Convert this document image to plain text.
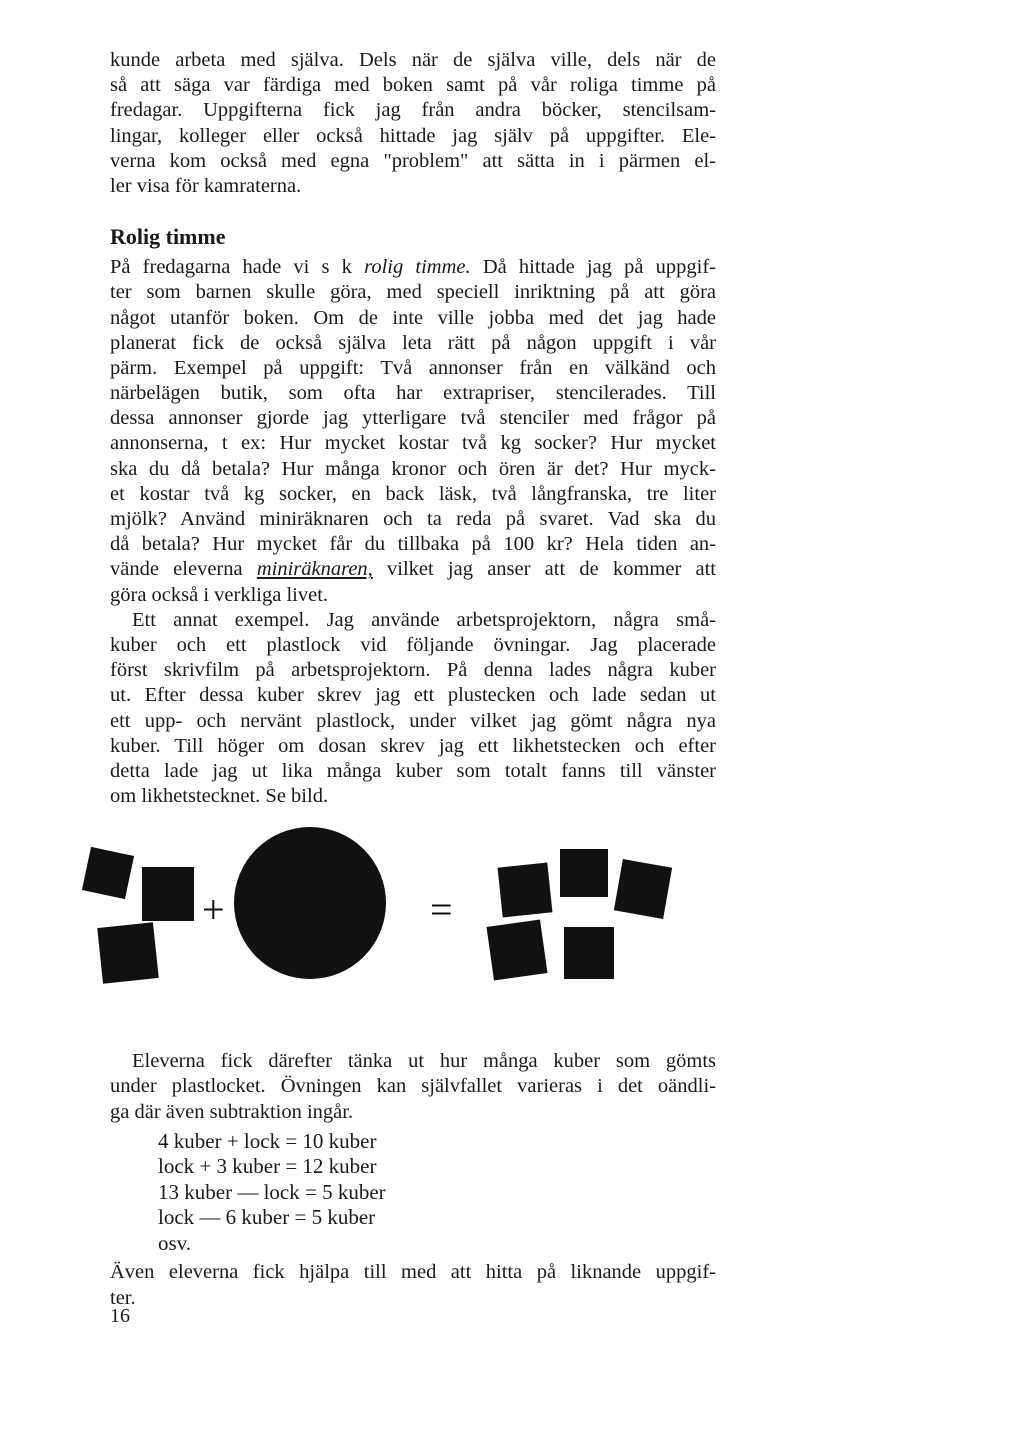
kunde arbeta med själva. Dels när de själva ville, dels när de
så att säga var färdiga med boken samt på vår roliga timme på
fredagar. Uppgifterna fick jag från andra böcker, stencilsam-
lingar, kolleger eller också hittade jag själv på uppgifter. Ele-
verna kom också med egna "problem" att sätta in i pärmen el-
ler visa för kamraterna.
Rolig timme
På fredagarna hade vi s k rolig timme. Då hittade jag på uppgif-
ter som barnen skulle göra, med speciell inriktning på att göra
något utanför boken. Om de inte ville jobba med det jag hade
planerat fick de också själva leta rätt på någon uppgift i vår
pärm. Exempel på uppgift: Två annonser från en välkänd och
närbelägen butik, som ofta har extrapriser, stencilerades. Till
dessa annonser gjorde jag ytterligare två stenciler med frågor på
annonserna, t ex: Hur mycket kostar två kg socker? Hur mycket
ska du då betala? Hur många kronor och ören är det? Hur myck-
et kostar två kg socker, en back läsk, två långfranska, tre liter
mjölk? Använd miniräknaren och ta reda på svaret. Vad ska du
då betala? Hur mycket får du tillbaka på 100 kr? Hela tiden an-
vände eleverna miniräknaren, vilket jag anser att de kommer att
göra också i verkliga livet.
Ett annat exempel. Jag använde arbetsprojektorn, några små-
kuber och ett plastlock vid följande övningar. Jag placerade
först skrivfilm på arbetsprojektorn. På denna lades några kuber
ut. Efter dessa kuber skrev jag ett plustecken och lade sedan ut
ett upp- och nervänt plastlock, under vilket jag gömt några nya
kuber. Till höger om dosan skrev jag ett likhetstecken och efter
detta lade jag ut lika många kuber som totalt fanns till vänster
om likhetstecknet. Se bild.
+	=
Eleverna fick därefter tänka ut hur många kuber som gömts
under plastlocket. Övningen kan självfallet varieras i det oändli-
ga där även subtraktion ingår.
4 kuber + lock = 10 kuber
lock + 3 kuber = 12 kuber
13 kuber — lock = 5 kuber
lock — 6 kuber = 5 kuber
osv.
Även eleverna fick hjälpa till med att hitta på liknande uppgif-
ter.
16
